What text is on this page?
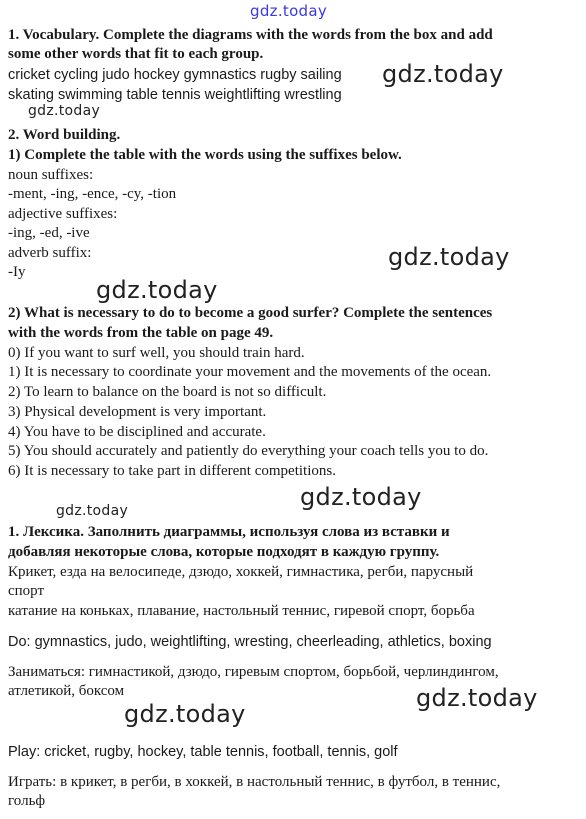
gdz.today
gdz.today
gdz.today
gdz.today
gdz.today
gdz.today
gdz.today
gdz.today
gdz.today
1. Vocabulary. Complete the diagrams with the words from the box and add
some other words that fit to each group.
cricket cycling judo hockey gymnastics rugby sailing
skating swimming table tennis weightlifting wrestling
2. Word building.
1) Complete the table with the words using the suffixes below.
noun suffixes:
-ment, -ing, -ence, -cy, -tion
adjective suffixes:
-ing, -ed, -ive
adverb suffix:
-Iy
2) What is necessary to do to become a good surfer? Complete the sentences
with the words from the table on page 49.
0) If you want to surf well, you should train hard.
1) It is necessary to coordinate your movement and the movements of the ocean.
2) To learn to balance on the board is not so difficult.
3) Physical development is very important.
4) You have to be disciplined and accurate.
5) You should accurately and patiently do everything your coach tells you to do.
6) It is necessary to take part in different competitions.
1. Лексика. Заполнить диаграммы, используя слова из вставки и
добавляя некоторые слова, которые подходят в каждую группу.
Крикет, езда на велосипеде, дзюдо, хоккей, гимнастика, регби, парусный
спорт
катание на коньках, плавание, настольный теннис, гиревой спорт, борьба
Do: gymnastics, judo, weightlifting, wresting, cheerleading, athletics, boxing
Заниматься: гимнастикой, дзюдо, гиревым спортом, борьбой, черлиндингом,
атлетикой, боксом
Play: cricket, rugby, hockey, table tennis, football, tennis, golf
Играть: в крикет, в регби, в хоккей, в настольный теннис, в футбол, в теннис,
гольф
